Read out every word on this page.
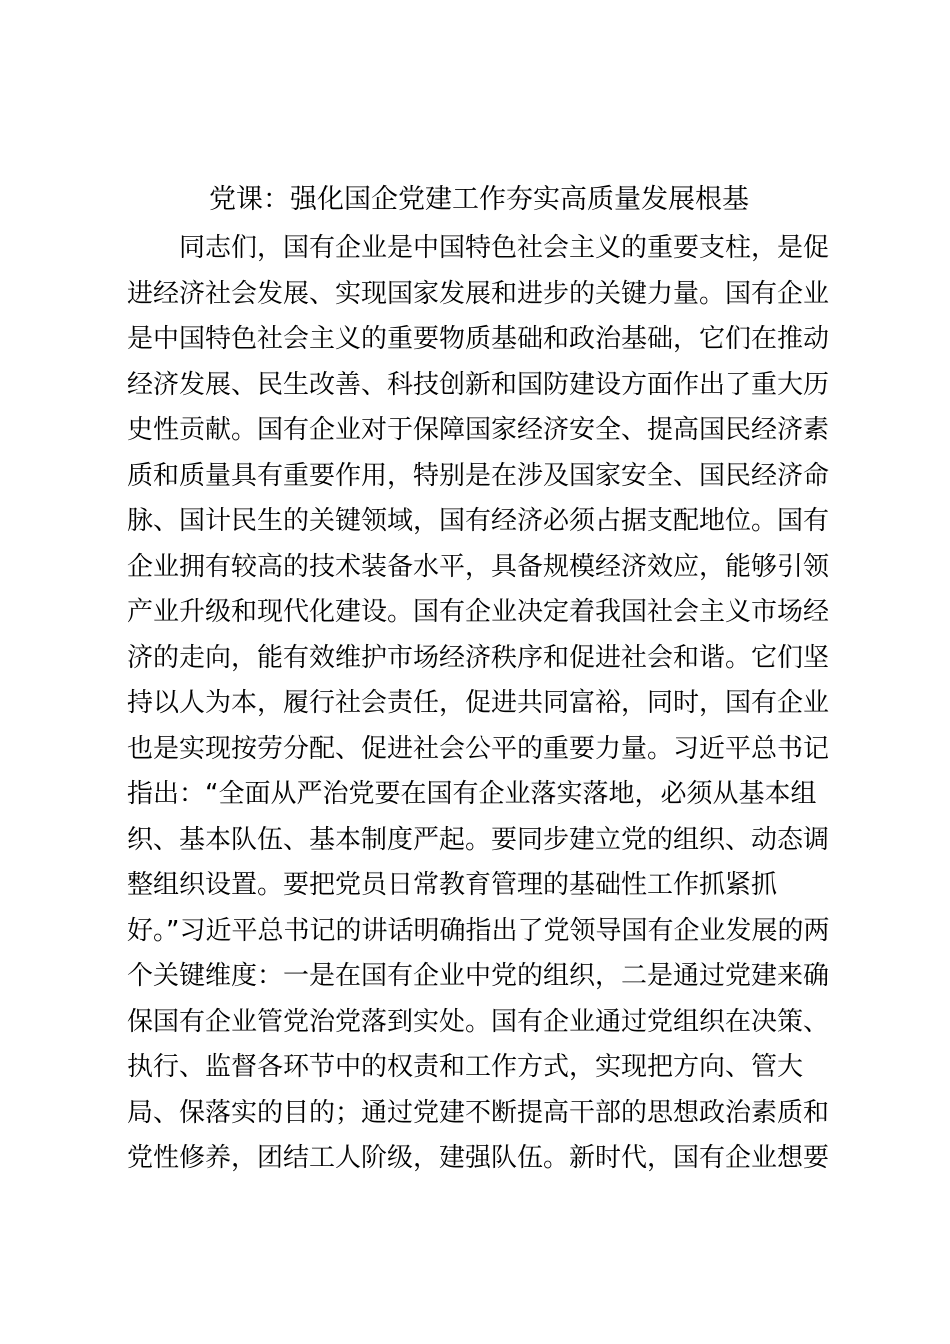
党课：强化国企党建工作夯实高质量发展根基
同志们，国有企业是中国特色社会主义的重要支柱，是促
进经济社会发展、实现国家发展和进步的关键力量。国有企业
是中国特色社会主义的重要物质基础和政治基础，它们在推动
经济发展、民生改善、科技创新和国防建设方面作出了重大历
史性贡献。国有企业对于保障国家经济安全、提高国民经济素
质和质量具有重要作用，特别是在涉及国家安全、国民经济命
脉、国计民生的关键领域，国有经济必须占据支配地位。国有
企业拥有较高的技术装备水平，具备规模经济效应，能够引领
产业升级和现代化建设。国有企业决定着我国社会主义市场经
济的走向，能有效维护市场经济秩序和促进社会和谐。它们坚
持以人为本，履行社会责任，促进共同富裕，同时，国有企业
也是实现按劳分配、促进社会公平的重要力量。习近平总书记
指出：“全面从严治党要在国有企业落实落地，必须从基本组
织、基本队伍、基本制度严起。要同步建立党的组织、动态调
整组织设置。要把党员日常教育管理的基础性工作抓紧抓
好。”习近平总书记的讲话明确指出了党领导国有企业发展的两
个关键维度：一是在国有企业中党的组织，二是通过党建来确
保国有企业管党治党落到实处。国有企业通过党组织在决策、
执行、监督各环节中的权责和工作方式，实现把方向、管大
局、保落实的目的；通过党建不断提高干部的思想政治素质和
党性修养，团结工人阶级，建强队伍。新时代，国有企业想要
